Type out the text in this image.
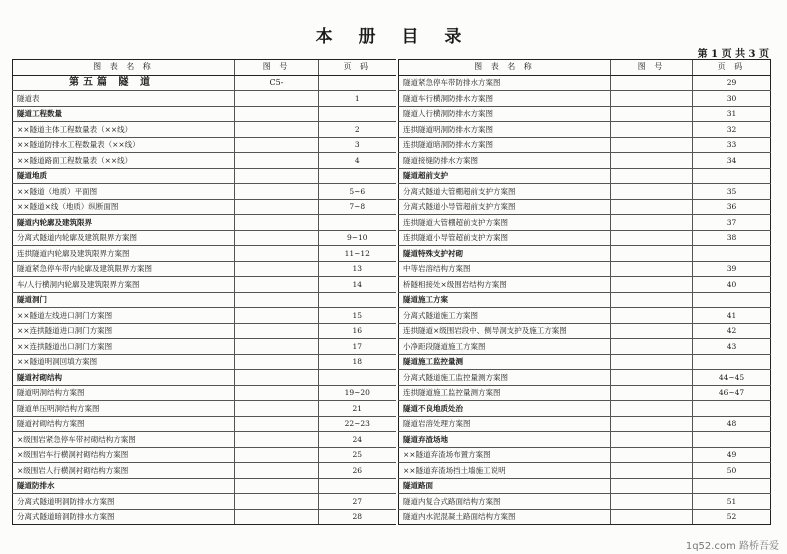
本 册 目 录
第 1 页 共 3 页
图 表 名 称	图 号	页 码
第五篇 隧 道	C5-	
隧道表		1
隧道工程数量		
××隧道主体工程数量表（××线）		2
××隧道防排水工程数量表（××线）		3
××隧道路面工程数量表（××线）		4
隧道地质		
××隧道（地质）平面图		5~6
××隧道×线（地质）纵断面图		7~8
隧道内轮廓及建筑限界		
分离式隧道内轮廓及建筑限界方案图		9~10
连拱隧道内轮廓及建筑限界方案图		11~12
隧道紧急停车带内轮廓及建筑限界方案图		13
车/人行横洞内轮廓及建筑限界方案图		14
隧道洞门		
××隧道左线进口洞门方案图		15
××连拱隧道进口洞门方案图		16
××连拱隧道出口洞门方案图		17
××隧道明洞回填方案图		18
隧道衬砌结构		
隧道明洞结构方案图		19~20
隧道单压明洞结构方案图		21
隧道衬砌结构方案图		22~23
×级围岩紧急停车带衬砌结构方案图		24
×级围岩车行横洞衬砌结构方案图		25
×级围岩人行横洞衬砌结构方案图		26
隧道防排水		
分离式隧道明洞防排水方案图		27
分离式隧道暗洞防排水方案图		28
图 表 名 称	图 号	页 码
隧道紧急停车带防排水方案图		29
隧道车行横洞防排水方案图		30
隧道人行横洞防排水方案图		31
连拱隧道明洞防排水方案图		32
连拱隧道暗洞防排水方案图		33
隧道接缝防排水方案图		34
隧道超前支护		
分离式隧道大管棚超前支护方案图		35
分离式隧道小导管超前支护方案图		36
连拱隧道大管棚超前支护方案图		37
连拱隧道小导管超前支护方案图		38
隧道特殊支护衬砌		
中等岩溶结构方案图		39
桥隧相接处×级围岩结构方案图		40
隧道施工方案		
分离式隧道施工方案图		41
连拱隧道×级围岩段中、侧导洞支护及施工方案图		42
小净距段隧道施工方案图		43
隧道施工监控量测		
分离式隧道施工监控量测方案图		44~45
连拱隧道施工监控量测方案图		46~47
隧道不良地质处治		
隧道岩溶处理方案图		48
隧道弃渣场地		
××隧道弃渣场布置方案图		49
××隧道弃渣场挡土墙施工说明		50
隧道路面		
隧道内复合式路面结构方案图		51
隧道内水泥混凝土路面结构方案图		52
1q52.com 路桥吾爱
